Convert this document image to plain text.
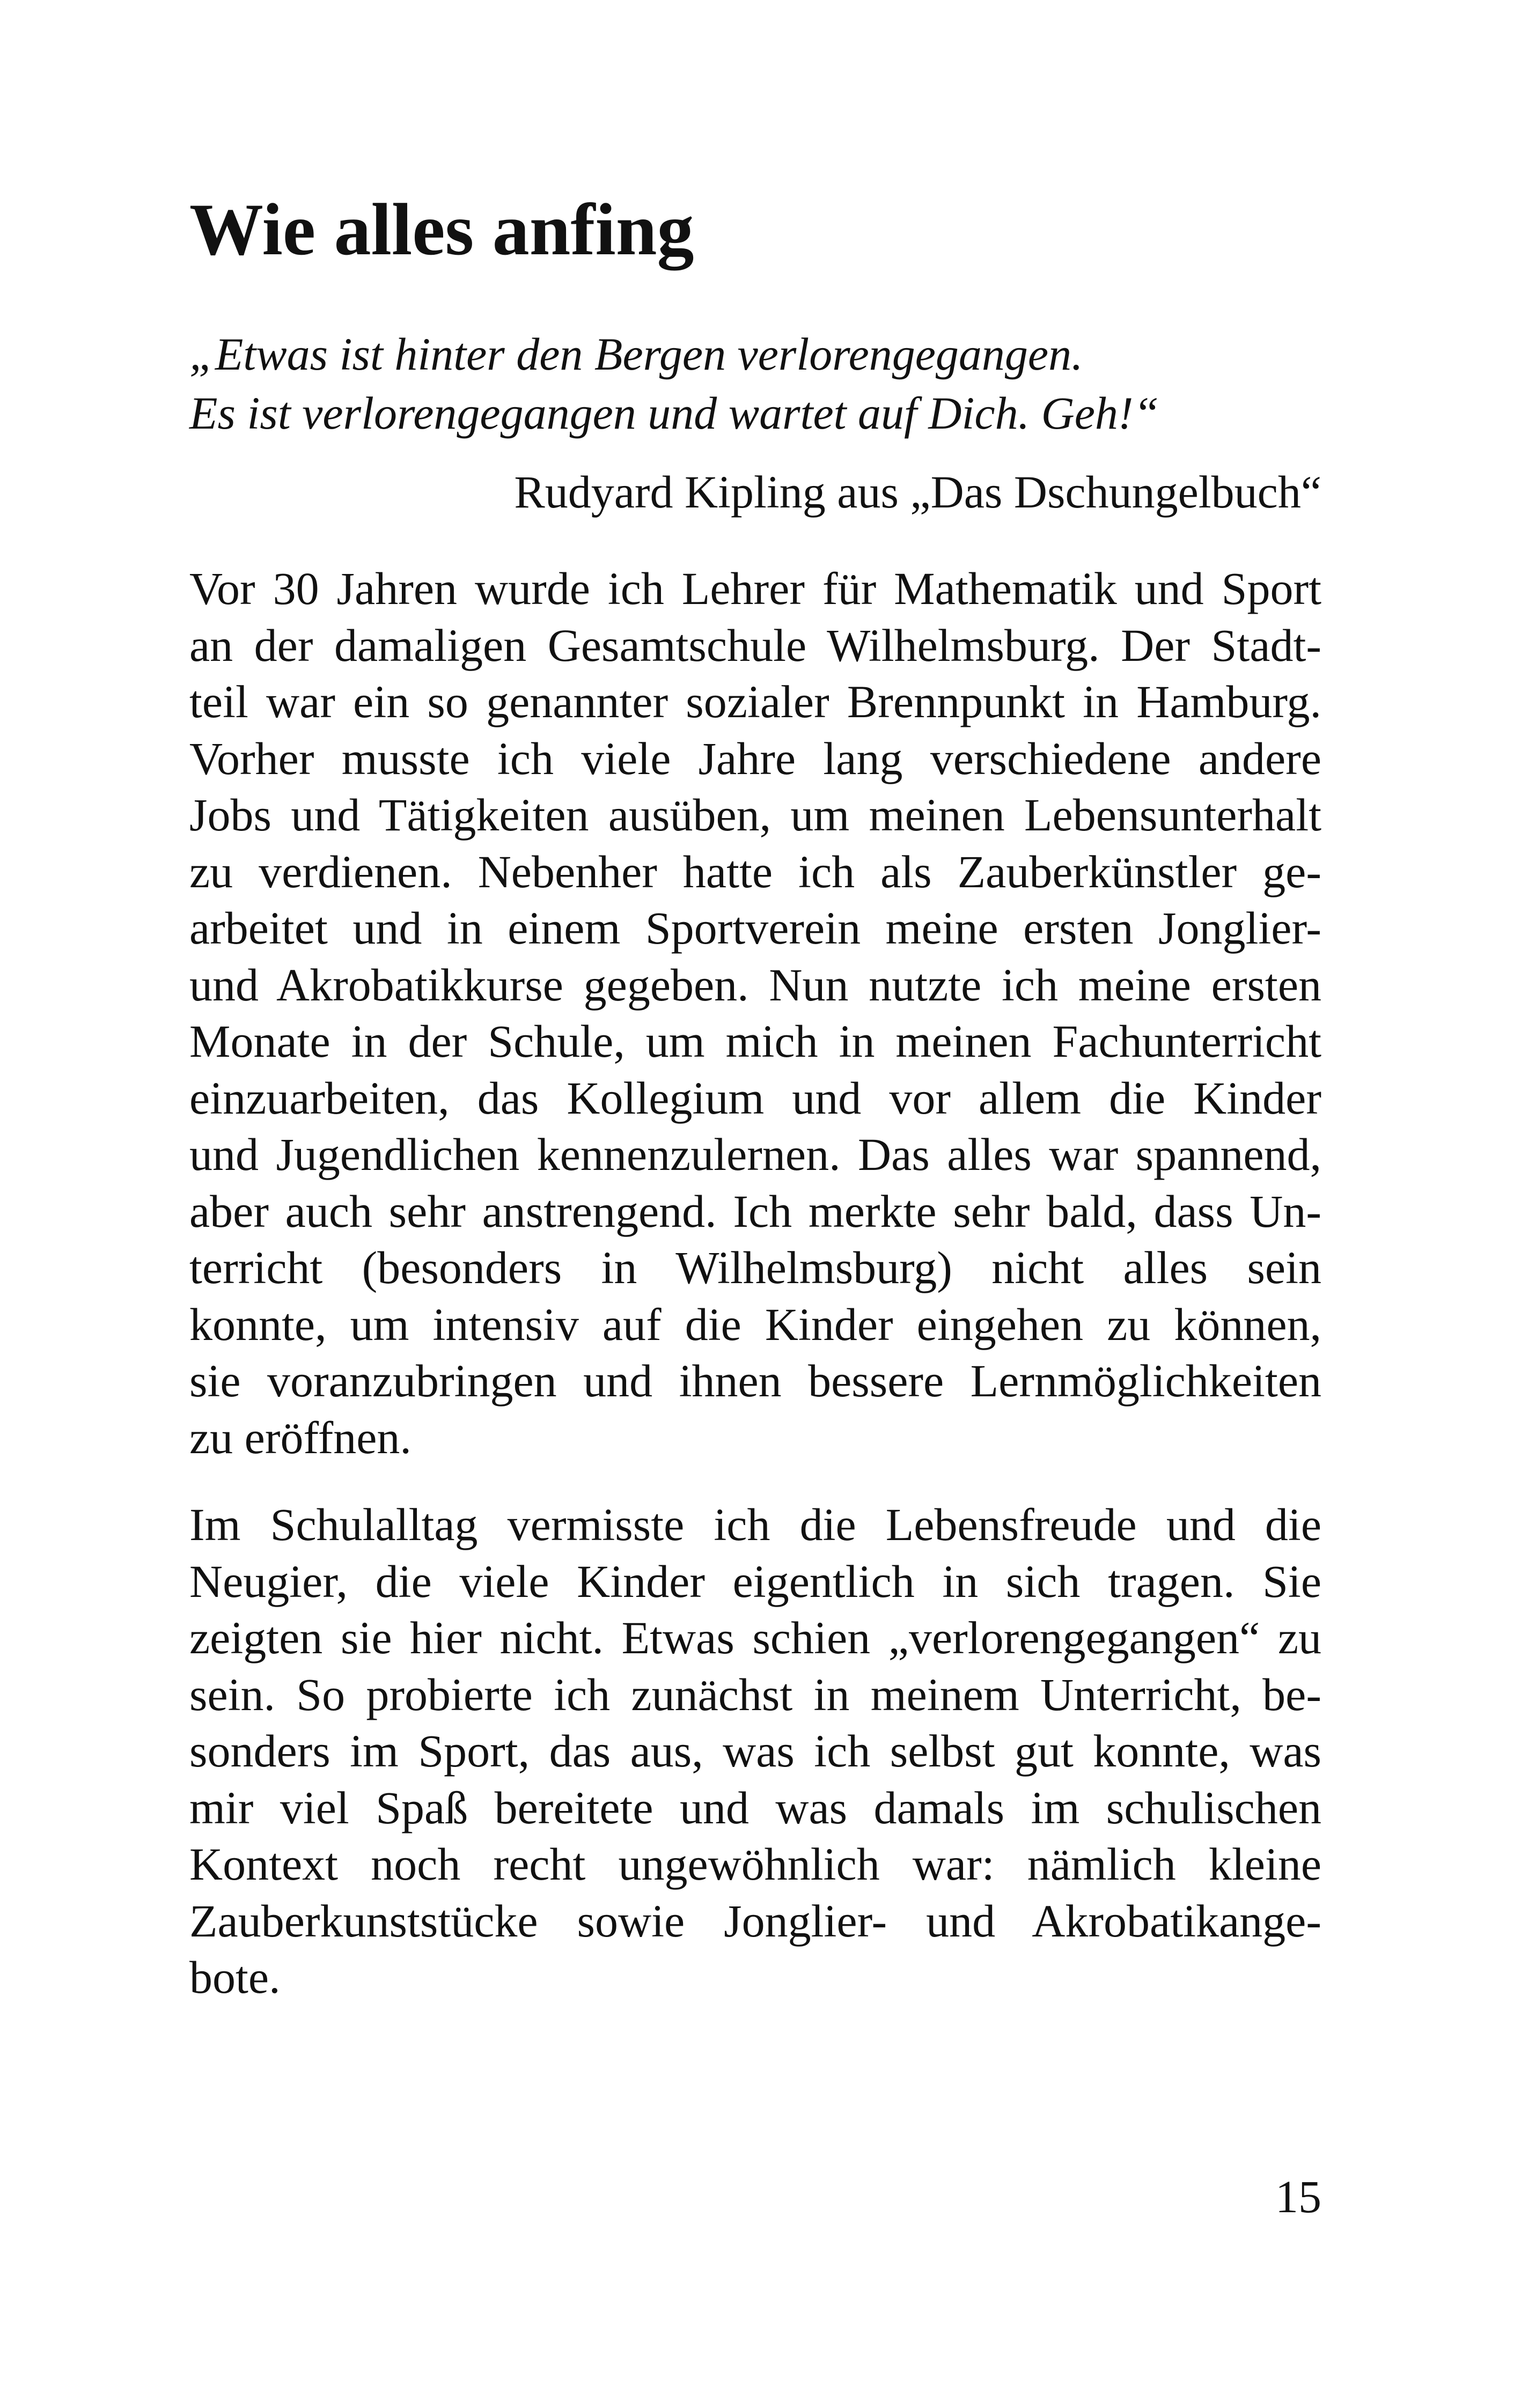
Wie alles anfing
„Etwas ist hinter den Bergen verlorengegangen.
Es ist verlorengegangen und wartet auf Dich. Geh!“
Rudyard Kipling aus „Das Dschungelbuch“
Vor 30 Jahren wurde ich Lehrer für Mathematik und Sport
an der damaligen Gesamtschule Wilhelmsburg. Der Stadt-
teil war ein so genannter sozialer Brennpunkt in Hamburg.
Vorher musste ich viele Jahre lang verschiedene andere
Jobs und Tätigkeiten ausüben, um meinen Lebensunterhalt
zu verdienen. Nebenher hatte ich als Zauberkünstler ge-
arbeitet und in einem Sportverein meine ersten Jonglier-
und Akrobatikkurse gegeben. Nun nutzte ich meine ersten
Monate in der Schule, um mich in meinen Fachunterricht
einzuarbeiten, das Kollegium und vor allem die Kinder
und Jugendlichen kennenzulernen. Das alles war spannend,
aber auch sehr anstrengend. Ich merkte sehr bald, dass Un-
terricht (besonders in Wilhelmsburg) nicht alles sein
konnte, um intensiv auf die Kinder eingehen zu können,
sie voranzubringen und ihnen bessere Lernmöglichkeiten
zu eröffnen.
Im Schulalltag vermisste ich die Lebensfreude und die
Neugier, die viele Kinder eigentlich in sich tragen. Sie
zeigten sie hier nicht. Etwas schien „verlorengegangen“ zu
sein. So probierte ich zunächst in meinem Unterricht, be-
sonders im Sport, das aus, was ich selbst gut konnte, was
mir viel Spaß bereitete und was damals im schulischen
Kontext noch recht ungewöhnlich war: nämlich kleine
Zauberkunststücke sowie Jonglier- und Akrobatikange-
bote.
15
